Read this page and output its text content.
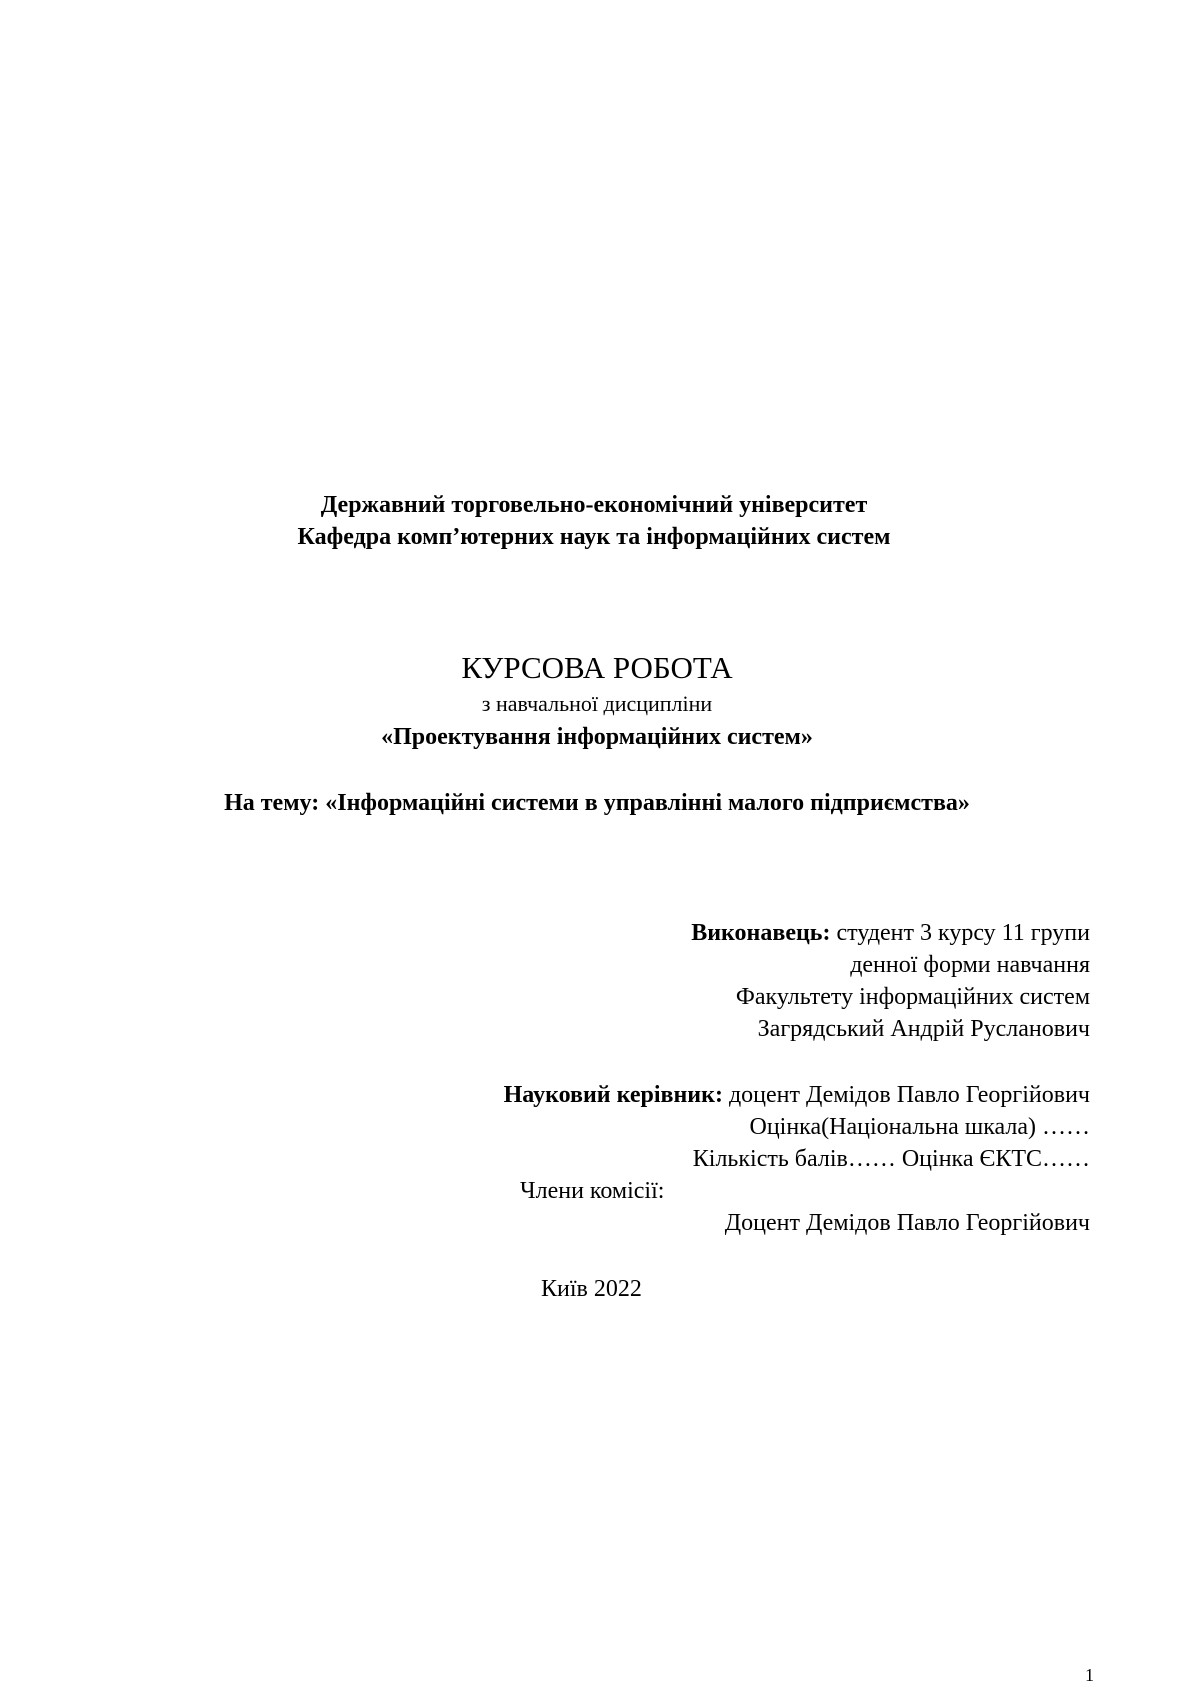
Державний торговельно-економічний університет
Кафедра комп’ютерних наук та інформаційних систем
КУРСОВА РОБОТА
з навчальної дисципліни
«Проектування інформаційних систем»
На тему: «Інформаційні системи в управлінні малого підприємства»
Виконавець: студент 3 курсу 11 групи
денної форми навчання
Факультету інформаційних систем
Загрядський Андрій Русланович
Науковий керівник: доцент Демідов Павло Георгійович
Оцінка(Національна шкала) ……
Кількість балів…… Оцінка ЄКТС……
Члени комісії:
Доцент Демідов Павло Георгійович
Київ 2022
1
